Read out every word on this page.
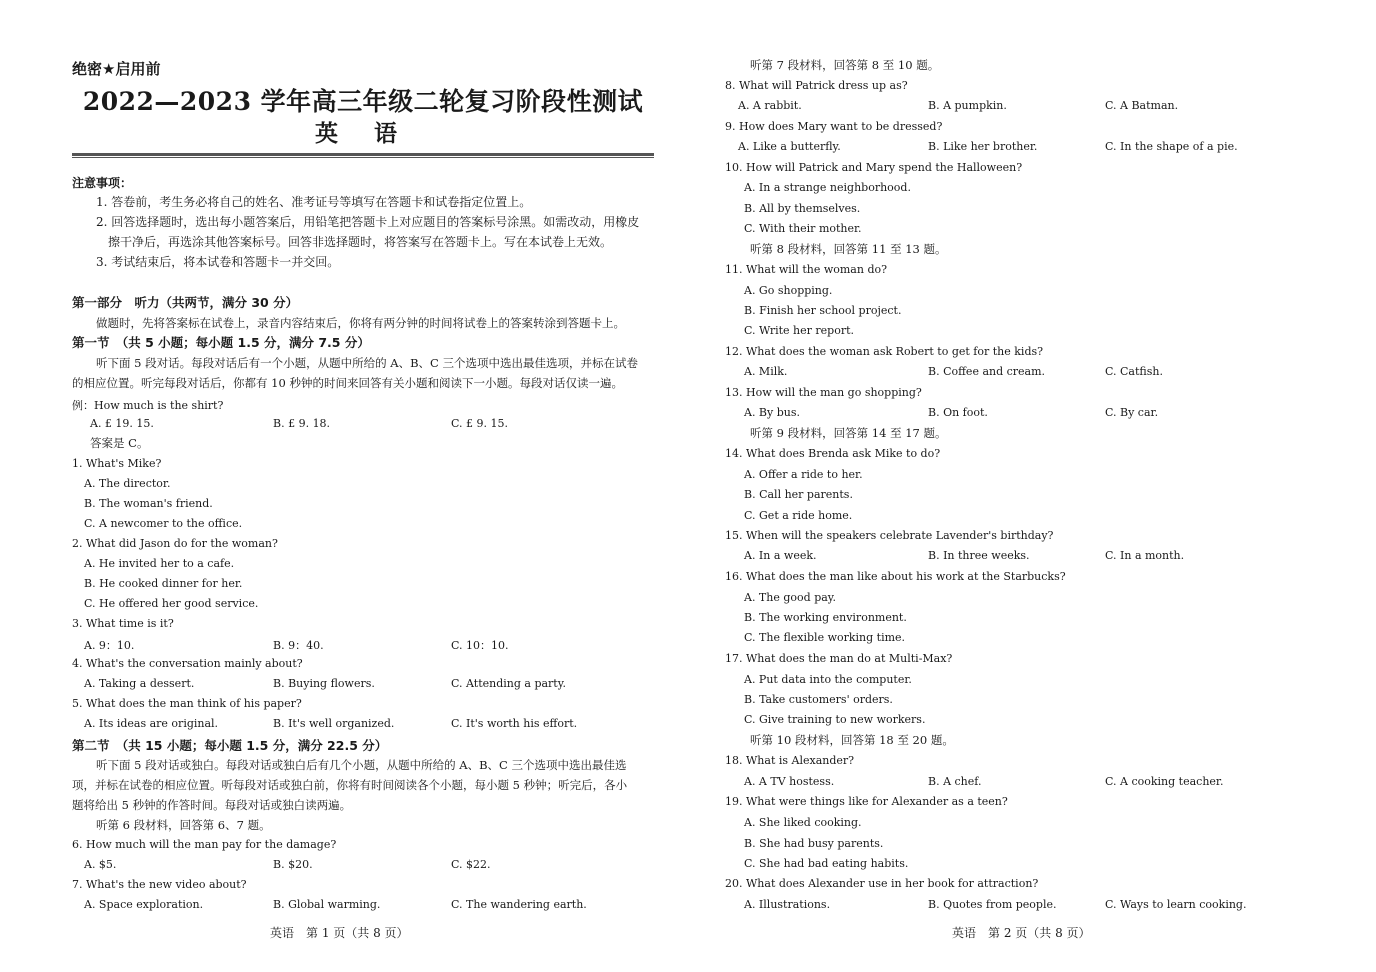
绝密★启用前
2022—2023 学年高三年级二轮复习阶段性测试
英 语
注意事项：
1. 答卷前，考生务必将自己的姓名、准考证号等填写在答题卡和试卷指定位置上。
2. 回答选择题时，选出每小题答案后，用铅笔把答题卡上对应题目的答案标号涂黑。如需改动，用橡皮
擦干净后，再选涂其他答案标号。回答非选择题时，将答案写在答题卡上。写在本试卷上无效。
3. 考试结束后，将本试卷和答题卡一并交回。
第一部分　听力（共两节，满分 30 分）
做题时，先将答案标在试卷上，录音内容结束后，你将有两分钟的时间将试卷上的答案转涂到答题卡上。
第一节　（共 5 小题；每小题 1.5 分，满分 7.5 分）
听下面 5 段对话。每段对话后有一个小题，从题中所给的 A、B、C 三个选项中选出最佳选项，并标在试卷
的相应位置。听完每段对话后，你都有 10 秒钟的时间来回答有关小题和阅读下一小题。每段对话仅读一遍。
例：How much is the shirt?
A. £ 19. 15.	B. £ 9. 18.	C. £ 9. 15.
答案是 C。
1. What's Mike?
A. The director.
B. The woman's friend.
C. A newcomer to the office.
2. What did Jason do for the woman?
A. He invited her to a cafe.
B. He cooked dinner for her.
C. He offered her good service.
3. What time is it?
A. 9：10.	B. 9：40.	C. 10：10.
4. What's the conversation mainly about?
A. Taking a dessert.	B. Buying flowers.	C. Attending a party.
5. What does the man think of his paper?
A. Its ideas are original.	B. It's well organized.	C. It's worth his effort.
第二节　（共 15 小题；每小题 1.5 分，满分 22.5 分）
听下面 5 段对话或独白。每段对话或独白后有几个小题，从题中所给的 A、B、C 三个选项中选出最佳选
项，并标在试卷的相应位置。听每段对话或独白前，你将有时间阅读各个小题，每小题 5 秒钟；听完后，各小
题将给出 5 秒钟的作答时间。每段对话或独白读两遍。
听第 6 段材料，回答第 6、7 题。
6. How much will the man pay for the damage?
A. $5.	B. $20.	C. $22.
7. What's the new video about?
A. Space exploration.	B. Global warming.	C. The wandering earth.
英语　第 1 页（共 8 页）
听第 7 段材料，回答第 8 至 10 题。
8. What will Patrick dress up as?
A. A rabbit.	B. A pumpkin.	C. A Batman.
9. How does Mary want to be dressed?
A. Like a butterfly.	B. Like her brother.	C. In the shape of a pie.
10. How will Patrick and Mary spend the Halloween?
A. In a strange neighborhood.
B. All by themselves.
C. With their mother.
听第 8 段材料，回答第 11 至 13 题。
11. What will the woman do?
A. Go shopping.
B. Finish her school project.
C. Write her report.
12. What does the woman ask Robert to get for the kids?
A. Milk.	B. Coffee and cream.	C. Catfish.
13. How will the man go shopping?
A. By bus.	B. On foot.	C. By car.
听第 9 段材料，回答第 14 至 17 题。
14. What does Brenda ask Mike to do?
A. Offer a ride to her.
B. Call her parents.
C. Get a ride home.
15. When will the speakers celebrate Lavender's birthday?
A. In a week.	B. In three weeks.	C. In a month.
16. What does the man like about his work at the Starbucks?
A. The good pay.
B. The working environment.
C. The flexible working time.
17. What does the man do at Multi-Max?
A. Put data into the computer.
B. Take customers' orders.
C. Give training to new workers.
听第 10 段材料，回答第 18 至 20 题。
18. What is Alexander?
A. A TV hostess.	B. A chef.	C. A cooking teacher.
19. What were things like for Alexander as a teen?
A. She liked cooking.
B. She had busy parents.
C. She had bad eating habits.
20. What does Alexander use in her book for attraction?
A. Illustrations.	B. Quotes from people.	C. Ways to learn cooking.
英语　第 2 页（共 8 页）
